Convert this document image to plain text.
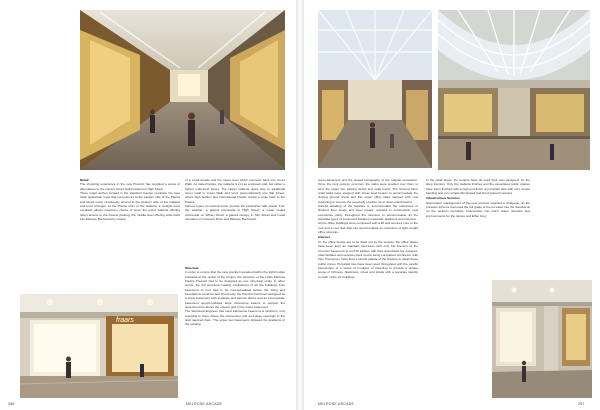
Retail

The shopping experience in the new Precinct has supplied a series of alternatives to the current mixed retail located on High Street.

Three major arches located in the standard manner complete the race track pedestrian route that commences at the eastern side of the Piazza and winds many circuitously around to the western side of the Galleria and level changes. At the Piazza entry to the Galleria, a multiple level escalator allows maximum choice of level, the lower Galleria offering direct access to the closest parking, the middle level offering wide back into Melrose Boulevard by means

of a small arcade and the upper level which connects back into Cross Walk. As stated before, the Galleria is not an enclosed mall, but rather a hybrid multi-level street. The Upper Galleria gives way to traditional street retail in Cross Walk and turns perpendicularly into Slip Street, where high fashion and international brands supply a route back to the Piazza.

Various types of external cover provide the pedestrian with shelter from the weather; a glazed colonnade in High Street, a metal roofed colonnade on Whiley Road, a glazed canopy in Slip Street and metal canopies on Crescent Drive and Melrose Boulevard.

Structure

In order to ensure that the new precinct remained within the tight budget indicated at the outset of the project, the structure of the entire Melrose Piazza Precinct had to be designed as one structural entity, in other words, the full structural loading implications of all the buildings from basement to roof had to be conceptualised before the siting and foundations could be laid. Previously, the Precinct had been designed as a super-basement with separate and parcels above and an intermediate basement accommodated large transverse beams to support the superstructure above the column grid of the super-basement.

The Structural Engineer has used transverse beams to a minimum, only resorting to them where the intervening grid and large openings in the slab required them. The upper two basements followed the gradients of the existing

fraars
256	MELROSE ARCADE

super-basement and the sloped topography of the original excavation. Once the rock outcrop occurred, the slabs were levelled over them to form the upper two parking decks and retail levels. The Ground Floor retail slabs were stepped with street level beams to accommodate the sloping ground levels and this upper office slabs stepped with cost reasoning to remove the necessity of either up or down stand beams.

Careful detailing of the façades to accommodate the tolerances of finished floor levels and steel meant, resulted in construction cost economies partly throughout the structure to accommodate all the separate types of movement between materials, platforms and columns.

All the office buildings were completed with a lift and services core to the roof and a roof slab that can accommodate an extension of light weight office structure.

Interiors

As the office blocks are to be fitted out by the tenants, the office plates have been kept as standard structures with only the interiors of the common basement to roof lift lobbies with their associated fire escapes, toilet facilities and services plant rooms being completed. Architects, with Orio Thompson, have kept a simple palette of the finishes to detail these public zones. Porcelain tiles have been used throughout with the careful intervention of a series of modules of panelling to provide a unique sense of richness, blackness, street and shade with a separate identity to each of the six buildings.

In the retail areas, the tenants have all used their own designers for the shop interiors. Only the Galleria finishes and the associated public spaces have been finished with a high end finish of porcelain tiles with very simple banding and very simple illuminated and lined spaced counters.

Infrastructure Services

Stormwater management of the new precinct supplied a challenge, as the previous scheme had used the full grade of the lot water into the Sandspruit on the western boundary. Intervention into storm water retention and improvements for the James and Ethel Grey

MELROSE ARCADE	257
